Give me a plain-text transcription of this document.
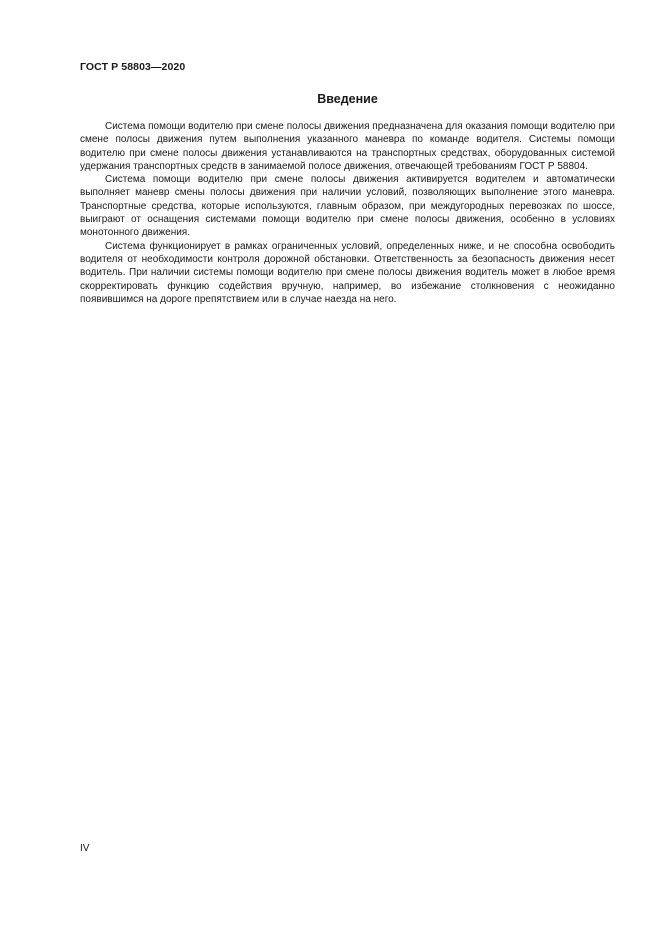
ГОСТ Р 58803—2020
Введение

Система помощи водителю при смене полосы движения предназначена для оказания помощи водителю при смене полосы движения путем выполнения указанного маневра по команде водителя. Системы помощи водителю при смене полосы движения устанавливаются на транспортных средствах, оборудованных системой удержания транспортных средств в занимаемой полосе движения, отвечающей требованиям ГОСТ Р 58804.

Система помощи водителю при смене полосы движения активируется водителем и автоматически выполняет маневр смены полосы движения при наличии условий, позволяющих выполнение этого маневра. Транспортные средства, которые используются, главным образом, при междугородных перевозках по шоссе, выиграют от оснащения системами помощи водителю при смене полосы движения, особенно в условиях монотонного движения.

Система функционирует в рамках ограниченных условий, определенных ниже, и не способна освободить водителя от необходимости контроля дорожной обстановки. Ответственность за безопасность движения несет водитель. При наличии системы помощи водителю при смене полосы движения водитель может в любое время скорректировать функцию содействия вручную, например, во избежание столкновения с неожиданно появившимся на дороге препятствием или в случае наезда на него.

IV
